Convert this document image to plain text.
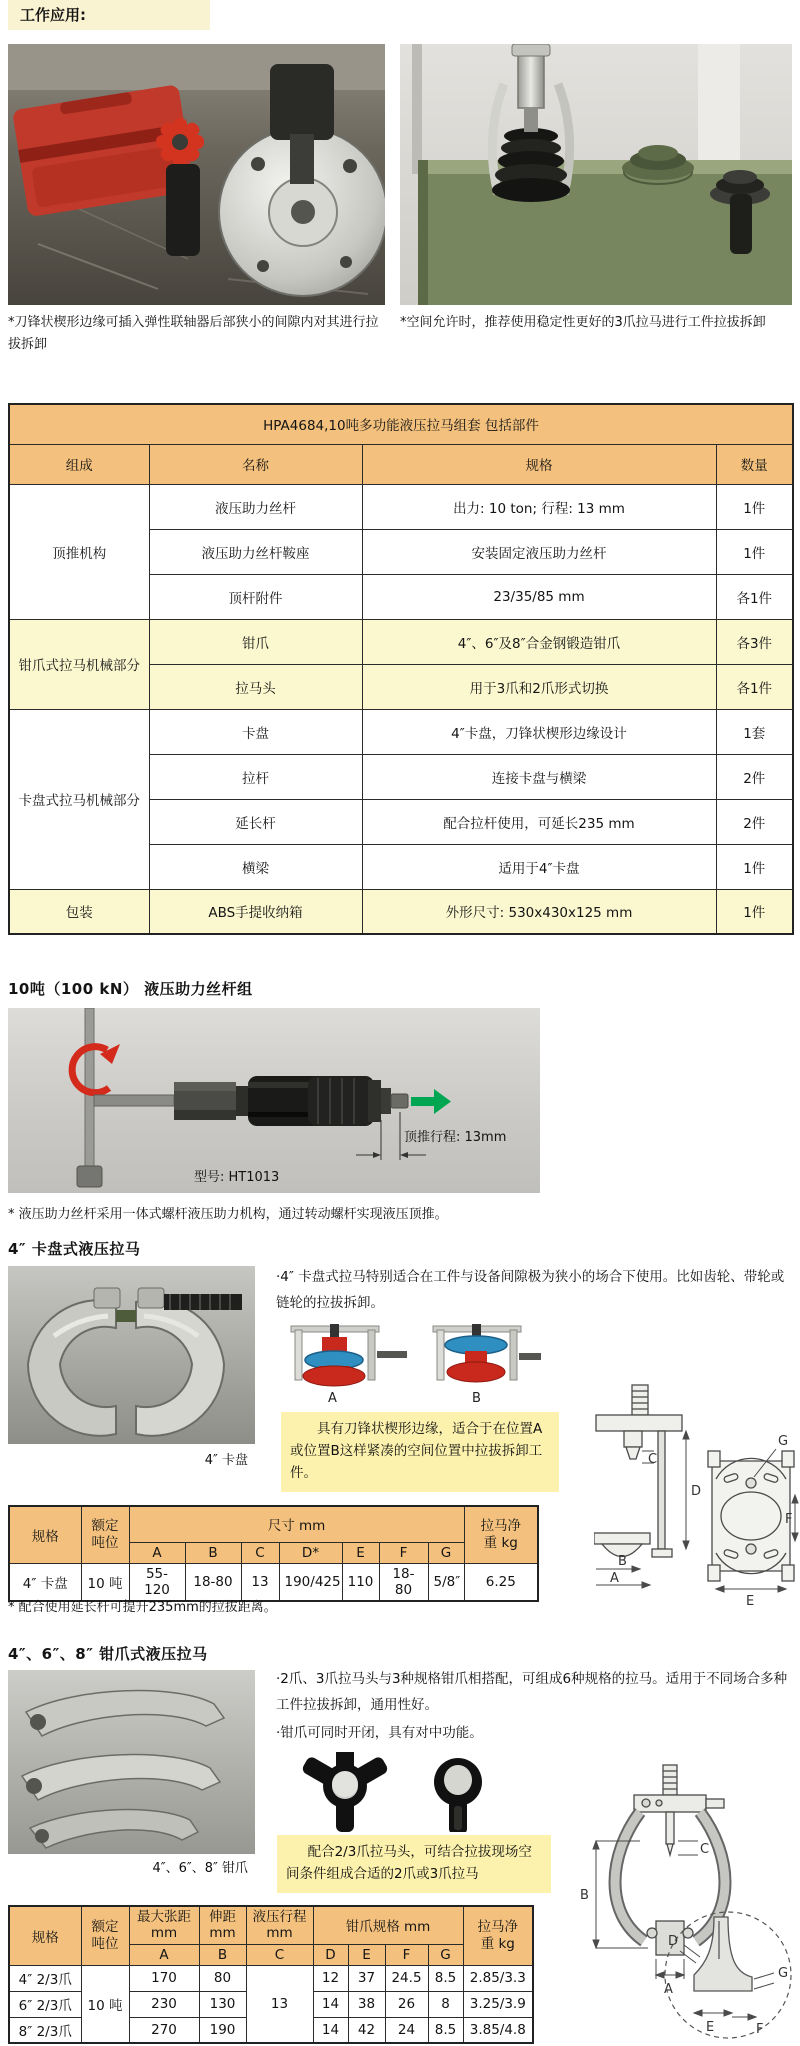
工作应用:
*刀锋状楔形边缘可插入弹性联轴器后部狭小的间隙内对其进行拉拔拆卸
*空间允许时，推荐使用稳定性更好的3爪拉马进行工件拉拔拆卸
HPA4684,10吨多功能液压拉马组套 包括部件			
组成	名称	规格	数量
顶推机构	液压助力丝杆	出力: 10 ton; 行程: 13 mm	1件
	液压助力丝杆鞍座	安装固定液压助力丝杆	1件
	顶杆附件	23/35/85 mm	各1件
钳爪式拉马机械部分	钳爪	4″、6″及8″合金钢锻造钳爪	各3件
	拉马头	用于3爪和2爪形式切换	各1件
卡盘式拉马机械部分	卡盘	4″卡盘，刀锋状楔形边缘设计	1套
	拉杆	连接卡盘与横梁	2件
	延长杆	配合拉杆使用，可延长235 mm	2件
	横梁	适用于4″卡盘	1件
包装	ABS手提收纳箱	外形尺寸: 530x430x125 mm	1件
10吨（100 kN） 液压助力丝杆组
顶推行程: 13mm
型号: HT1013
* 液压助力丝杆采用一体式螺杆液压助力机构，通过转动螺杆实现液压顶推。
4″ 卡盘式液压拉马
4″ 卡盘
·4″ 卡盘式拉马特别适合在工件与设备间隙极为狭小的场合下使用。比如齿轮、带轮或链轮的拉拔拆卸。
A	B
具有刀锋状楔形边缘，适合于在位置A或位置B这样紧凑的空间位置中拉拔拆卸工件。
C
D
B
A
G
F
E
规格	额定吨位	尺寸 mm							拉马净重 kg
		A	B	C	D*	E	F	G	
4″ 卡盘	10 吨	55-120	18-80	13	190/425	110	18-80	5/8″	6.25
* 配合使用延长杆可提升235mm的拉拔距离。
4″、6″、8″ 钳爪式液压拉马
4″、6″、8″ 钳爪
·2爪、3爪拉马头与3种规格钳爪相搭配，可组成6种规格的拉马。适用于不同场合多种工件拉拔拆卸，通用性好。
·钳爪可同时开闭，具有对中功能。
配合2/3爪拉马头，可结合拉拔现场空间条件组成合适的2爪或3爪拉马
C
B
A
D
G
E	F
规格	额定吨位	最大张距 mm	伸距 mm	液压行程 mm	钳爪规格 mm				拉马净重 kg
		A	B	C	D	E	F	G	
4″ 2/3爪	10 吨	170	80	13	12	37	24.5	8.5	2.85/3.3
6″ 2/3爪		230	130		14	38	26	8	3.25/3.9
8″ 2/3爪		270	190		14	42	24	8.5	3.85/4.8
